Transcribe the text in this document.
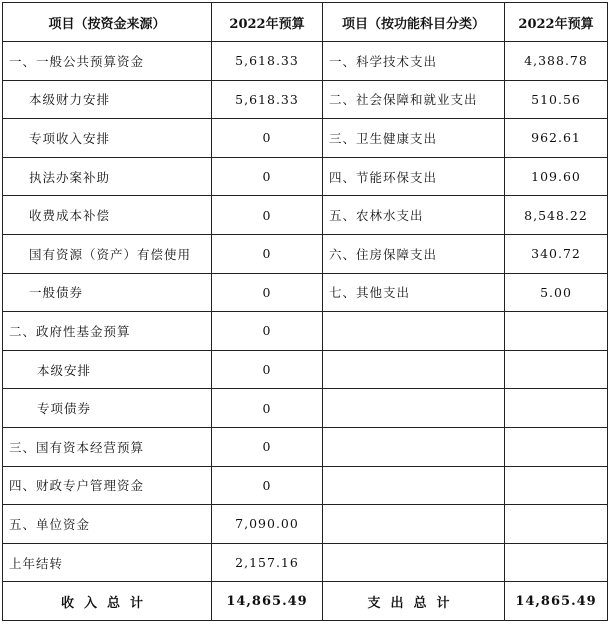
项目（按资金来源）	2022年预算	项目（按功能科目分类）	2022年预算
一、一般公共预算资金	5,618.33	一、科学技术支出	4,388.78
本级财力安排	5,618.33	二、社会保障和就业支出	510.56
专项收入安排	0	三、卫生健康支出	962.61
执法办案补助	0	四、节能环保支出	109.60
收费成本补偿	0	五、农林水支出	8,548.22
国有资源（资产）有偿使用	0	六、住房保障支出	340.72
一般债券	0	七、其他支出	5.00
二、政府性基金预算	0		
本级安排	0		
专项债券	0		
三、国有资本经营预算	0		
四、财政专户管理资金	0		
五、单位资金	7,090.00		
上年结转	2,157.16		
收入总计	14,865.49	支出总计	14,865.49
